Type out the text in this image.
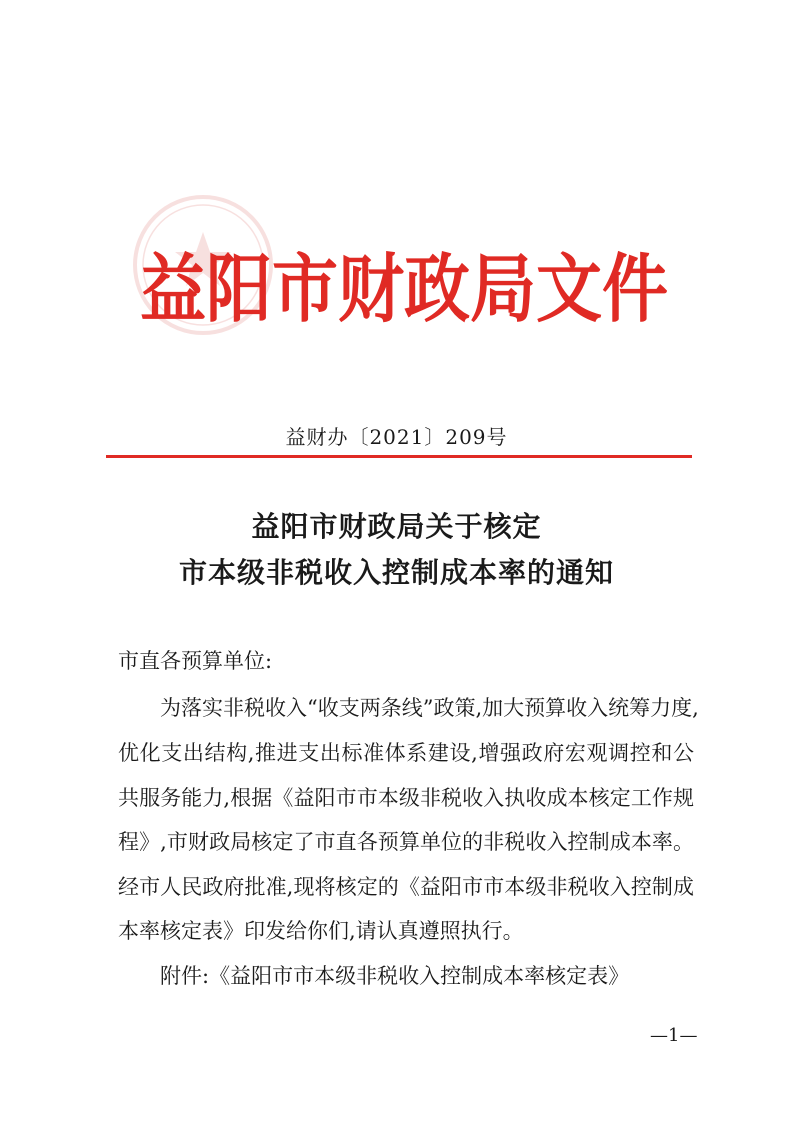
益 阳 市 财 政 局 文 件
益财办〔2021〕209号
益阳市财政局关于核定
市本级非税收入控制成本率的通知
市直各预算单位:
为落实非税收入“收支两条线”政策,加大预算收入统筹力度,
优化支出结构,推进支出标准体系建设,增强政府宏观调控和公
共服务能力,根据《益阳市市本级非税收入执收成本核定工作规
程》,市财政局核定了市直各预算单位的非税收入控制成本率。
经市人民政府批准,现将核定的《益阳市市本级非税收入控制成
本率核定表》印发给你们,请认真遵照执行。
附件:《益阳市市本级非税收入控制成本率核定表》
—1—
